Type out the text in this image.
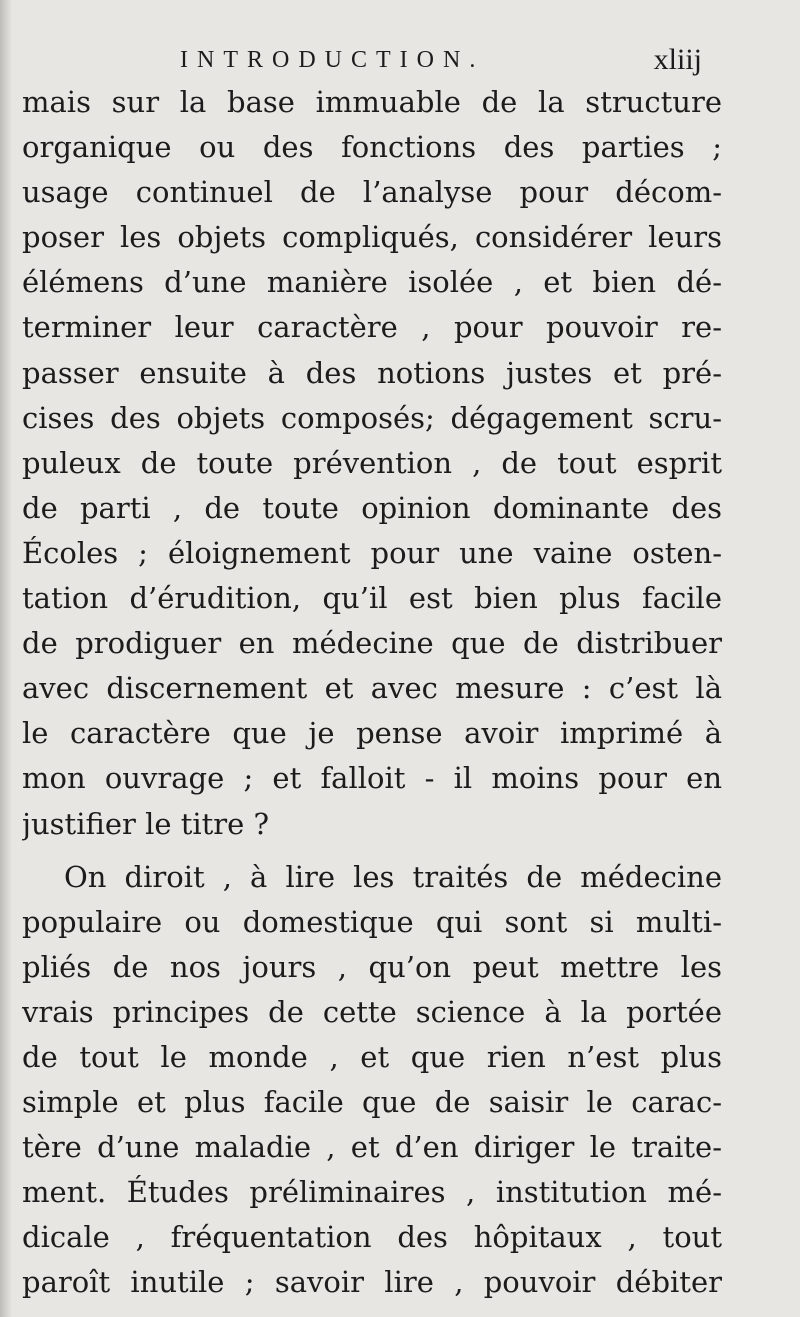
INTRODUCTION.	xliij
mais sur la base immuable de la structure
organique ou des fonctions des parties ;
usage continuel de l’analyse pour décom-
poser les objets compliqués, considérer leurs
élémens d’une manière isolée , et bien dé-
terminer leur caractère , pour pouvoir re-
passer ensuite à des notions justes et pré-
cises des objets composés; dégagement scru-
puleux de toute prévention , de tout esprit
de parti , de toute opinion dominante des
Écoles ; éloignement pour une vaine osten-
tation d’érudition, qu’il est bien plus facile
de prodiguer en médecine que de distribuer
avec discernement et avec mesure : c’est là
le caractère que je pense avoir imprimé à
mon ouvrage ; et falloit - il moins pour en
justifier le titre ?
On diroit , à lire les traités de médecine
populaire ou domestique qui sont si multi-
pliés de nos jours , qu’on peut mettre les
vrais principes de cette science à la portée
de tout le monde , et que rien n’est plus
simple et plus facile que de saisir le carac-
tère d’une maladie , et d’en diriger le traite-
ment. Études préliminaires , institution mé-
dicale , fréquentation des hôpitaux , tout
paroît inutile ; savoir lire , pouvoir débiter
